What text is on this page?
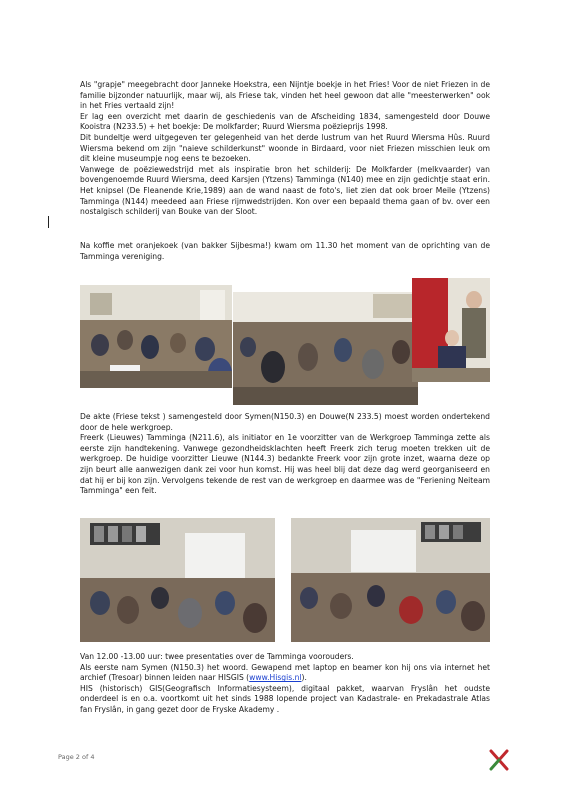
Als "grapje" meegebracht door Janneke Hoekstra, een Nijntje boekje in het Fries! Voor de niet Friezen in de familie bijzonder natuurlijk, maar wij, als Friese tak, vinden het heel gewoon dat alle "meesterwerken" ook in het Fries vertaald zijn!
Er lag een overzicht met daarin de geschiedenis van de Afscheiding 1834, samengesteld door Douwe Kooistra (N233.5) + het boekje: De molkfarder; Ruurd Wiersma poëzieprijs 1998.
Dit bundeltje werd uitgegeven ter gelegenheid van het derde lustrum van het Ruurd Wiersma Hûs. Ruurd Wiersma bekend om zijn "naieve schilderkunst" woonde in Birdaard, voor niet Friezen misschien leuk om dit kleine museumpje nog eens te bezoeken.
Vanwege de poëziewedstrijd met als inspiratie bron het schilderij: De Molkfarder (melkvaarder) van bovengenoemde Ruurd Wiersma, deed Karsjen (Ytzens) Tamminga (N140) mee en zijn gedichtje staat erin. Het knipsel (De Fleanende Krie,1989) aan de wand naast de foto's, liet zien dat ook broer Meile (Ytzens) Tamminga (N144) meedeed aan Friese rijmwedstrijden. Kon over een bepaald thema gaan of bv. over een nostalgisch schilderij van Bouke van der Sloot.

Na koffie met oranjekoek (van bakker Sijbesma!) kwam om 11.30 het moment van de oprichting van de Tamminga vereniging.

De akte (Friese tekst ) samengesteld door Symen(N150.3) en Douwe(N 233.5) moest worden ondertekend door de hele werkgroep.
Freerk (Lieuwes) Tamminga (N211.6), als initiator en 1e voorzitter van de Werkgroep Tamminga zette als eerste zijn handtekening. Vanwege gezondheidsklachten heeft Freerk zich terug moeten trekken uit de werkgroep. De huidige voorzitter Lieuwe (N144.3) bedankte Freerk voor zijn grote inzet, waarna deze op zijn beurt alle aanwezigen dank zei voor hun komst. Hij was heel blij dat deze dag werd georganiseerd en dat hij er bij kon zijn. Vervolgens tekende de rest van de werkgroep en daarmee was de "Feriening Neiteam Tamminga" een feit.

Van 12.00 -13.00 uur: twee presentaties over de Tamminga voorouders.
Als eerste nam Symen (N150.3) het woord. Gewapend met laptop en beamer kon hij ons via internet het archief (Tresoar) binnen leiden naar HISGIS (www.Hisgis.nl).
HIS (historisch) GIS(Geografisch Informatiesysteem), digitaal pakket, waarvan Fryslân het oudste onderdeel is en o.a. voortkomt uit het sinds 1988 lopende project van Kadastrale- en Prekadastrale Atlas fan Fryslân, in gang gezet door de Fryske Akademy .

Page 2 of 4
